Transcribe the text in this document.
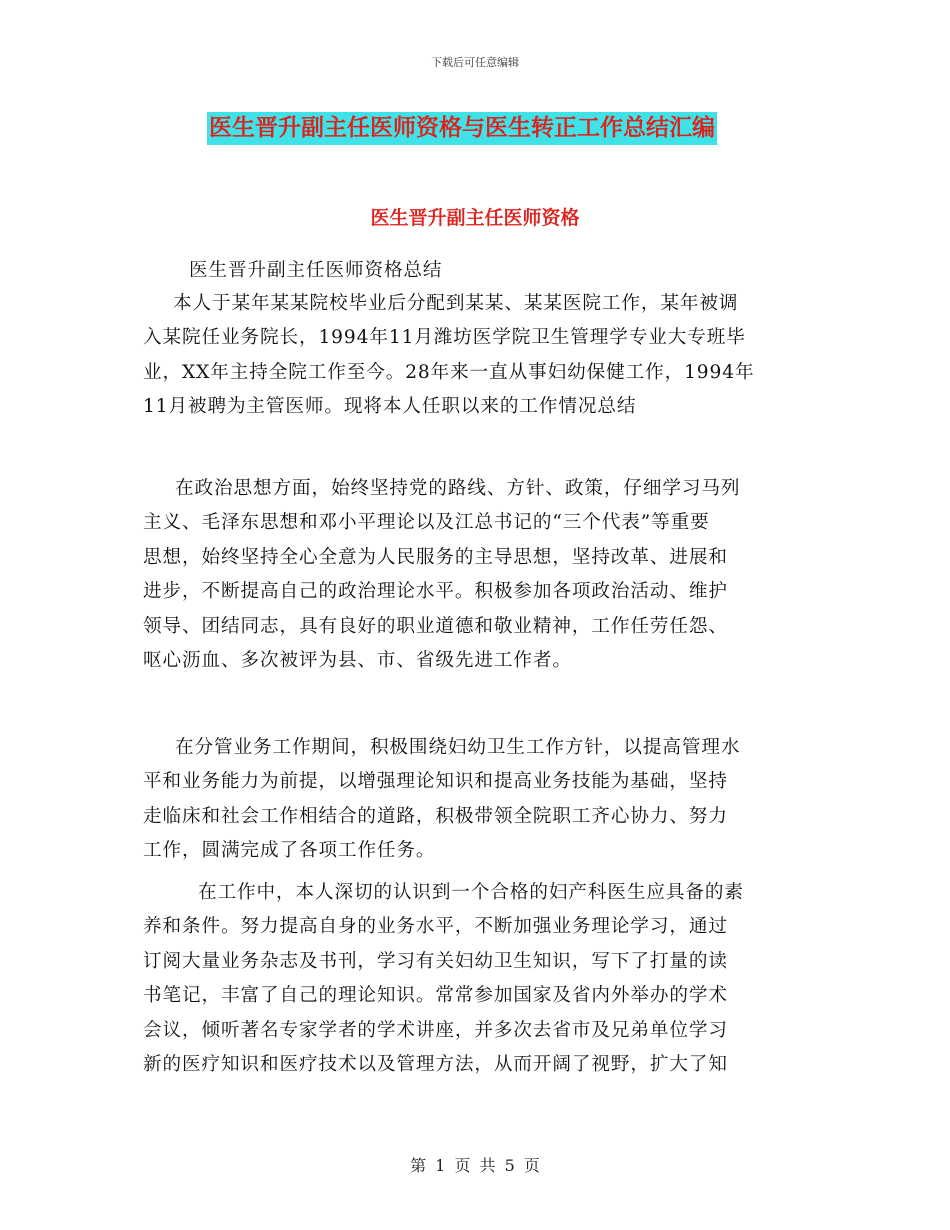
下载后可任意编辑
医生晋升副主任医师资格与医生转正工作总结汇编
医生晋升副主任医师资格

医生晋升副主任医师资格总结

本人于某年某某院校毕业后分配到某某、某某医院工作，某年被调

入某院任业务院长，1994年11月潍坊医学院卫生管理学专业大专班毕

业，XX年主持全院工作至今。28年来一直从事妇幼保健工作，1994年

11月被聘为主管医师。现将本人任职以来的工作情况总结

在政治思想方面，始终坚持党的路线、方针、政策，仔细学习马列

主义、毛泽东思想和邓小平理论以及江总书记的“三个代表”等重要

思想，始终坚持全心全意为人民服务的主导思想，坚持改革、进展和

进步，不断提高自己的政治理论水平。积极参加各项政治活动、维护

领导、团结同志，具有良好的职业道德和敬业精神，工作任劳任怨、

呕心沥血、多次被评为县、市、省级先进工作者。

在分管业务工作期间，积极围绕妇幼卫生工作方针，以提高管理水

平和业务能力为前提，以增强理论知识和提高业务技能为基础，坚持

走临床和社会工作相结合的道路，积极带领全院职工齐心协力、努力

工作，圆满完成了各项工作任务。

在工作中，本人深切的认识到一个合格的妇产科医生应具备的素

养和条件。努力提高自身的业务水平，不断加强业务理论学习，通过

订阅大量业务杂志及书刊，学习有关妇幼卫生知识，写下了打量的读

书笔记，丰富了自己的理论知识。常常参加国家及省内外举办的学术

会议，倾听著名专家学者的学术讲座，并多次去省市及兄弟单位学习

新的医疗知识和医疗技术以及管理方法，从而开阔了视野，扩大了知

第 1 页 共 5 页
